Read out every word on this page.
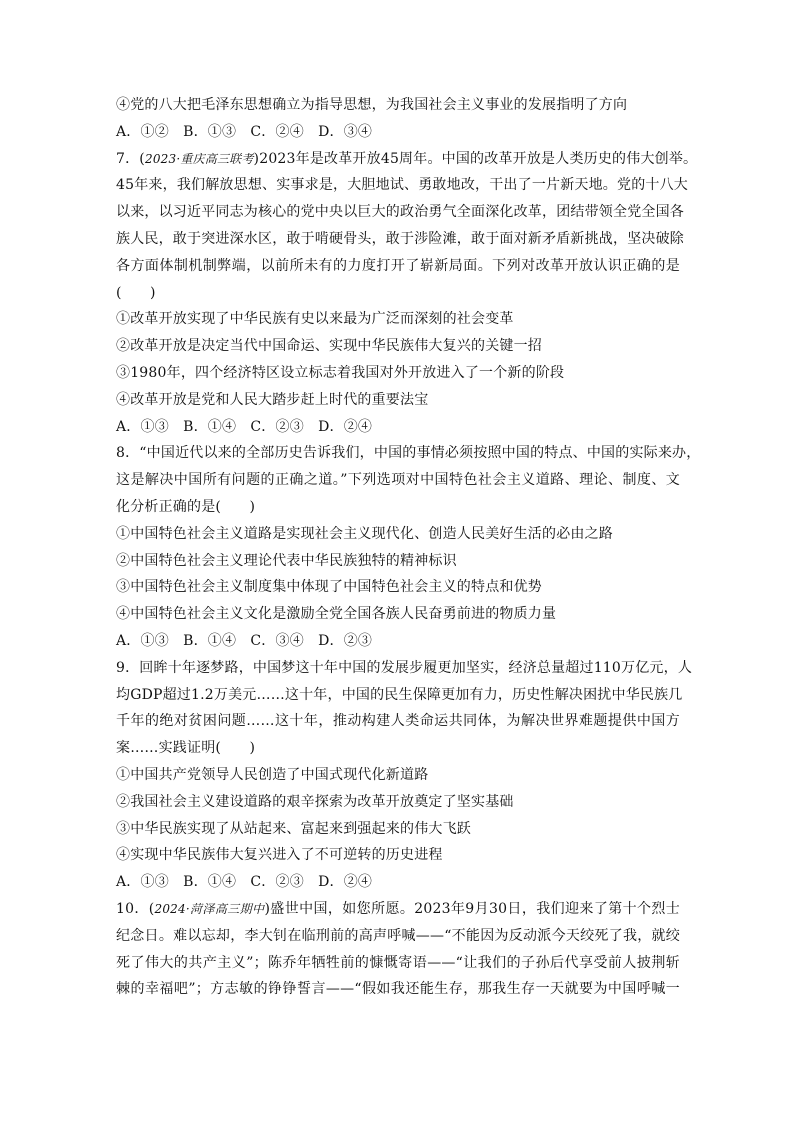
④党的八大把毛泽东思想确立为指导思想，为我国社会主义事业的发展指明了方向
A．①②　B．①③　C．②④　D．③④
7．(2023·重庆高三联考)2023年是改革开放45周年。中国的改革开放是人类历史的伟大创举。
45年来，我们解放思想、实事求是，大胆地试、勇敢地改，干出了一片新天地。党的十八大
以来，以习近平同志为核心的党中央以巨大的政治勇气全面深化改革，团结带领全党全国各
族人民，敢于突进深水区，敢于啃硬骨头，敢于涉险滩，敢于面对新矛盾新挑战，坚决破除
各方面体制机制弊端，以前所未有的力度打开了崭新局面。下列对改革开放认识正确的是
(　　)
①改革开放实现了中华民族有史以来最为广泛而深刻的社会变革
②改革开放是决定当代中国命运、实现中华民族伟大复兴的关键一招
③1980年，四个经济特区设立标志着我国对外开放进入了一个新的阶段
④改革开放是党和人民大踏步赶上时代的重要法宝
A．①③　B．①④　C．②③　D．②④
8．“中国近代以来的全部历史告诉我们，中国的事情必须按照中国的特点、中国的实际来办，
这是解决中国所有问题的正确之道。”下列选项对中国特色社会主义道路、理论、制度、文
化分析正确的是(　　)
①中国特色社会主义道路是实现社会主义现代化、创造人民美好生活的必由之路
②中国特色社会主义理论代表中华民族独特的精神标识
③中国特色社会主义制度集中体现了中国特色社会主义的特点和优势
④中国特色社会主义文化是激励全党全国各族人民奋勇前进的物质力量
A．①③　B．①④　C．③④　D．②③
9．回眸十年逐梦路，中国梦这十年中国的发展步履更加坚实，经济总量超过110万亿元，人
均GDP超过1.2万美元……这十年，中国的民生保障更加有力，历史性解决困扰中华民族几
千年的绝对贫困问题……这十年，推动构建人类命运共同体，为解决世界难题提供中国方
案……实践证明(　　)
①中国共产党领导人民创造了中国式现代化新道路
②我国社会主义建设道路的艰辛探索为改革开放奠定了坚实基础
③中华民族实现了从站起来、富起来到强起来的伟大飞跃
④实现中华民族伟大复兴进入了不可逆转的历史进程
A．①③　B．①④　C．②③　D．②④
10．(2024·菏泽高三期中)盛世中国，如您所愿。2023年9月30日，我们迎来了第十个烈士
纪念日。难以忘却，李大钊在临刑前的高声呼喊——“不能因为反动派今天绞死了我，就绞
死了伟大的共产主义”；陈乔年牺牲前的慷慨寄语——“让我们的子孙后代享受前人披荆斩
棘的幸福吧”；方志敏的铮铮誓言——“假如我还能生存，那我生存一天就要为中国呼喊一
